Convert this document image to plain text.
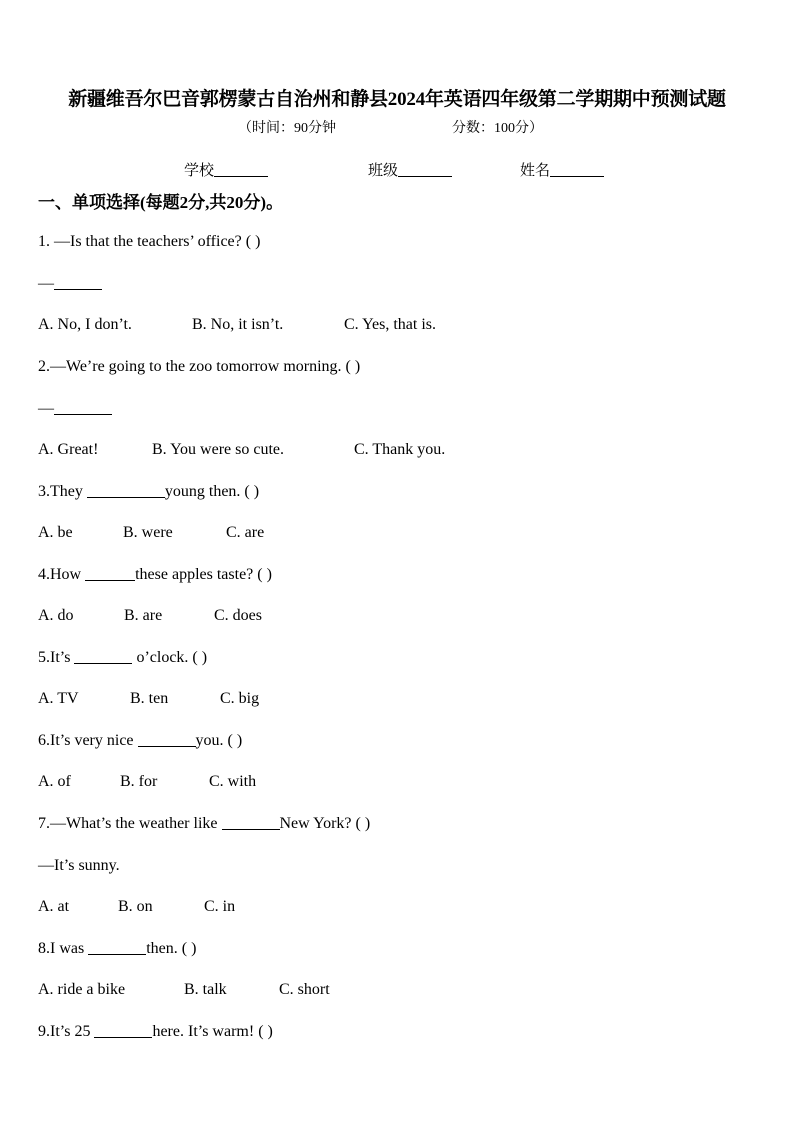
新疆维吾尔巴音郭楞蒙古自治州和静县2024年英语四年级第二学期期中预测试题
（时间：90分钟	分数：100分）
学校	班级	姓名
一、单项选择(每题2分,共20分)。
1. —Is that the teachers’ office? ( )
—
A. No, I don’t.	B. No, it isn’t.	C. Yes, that is.
2.—We’re going to the zoo tomorrow morning. ( )
—
A. Great!	B. You were so cute.	C. Thank you.
3.They	young then. ( )
A. be	B. were	C. are
4.How	these apples taste? ( )
A. do	B. are	C. does
5.It’s	o’clock. ( )
A. TV	B. ten	C. big
6.It’s very nice	you. ( )
A. of	B. for	C. with
7.—What’s the weather like	New York? ( )
—It’s sunny.
A. at	B. on	C. in
8.I was	then. ( )
A. ride a bike	B. talk	C. short
9.It’s 25	here. It’s warm! ( )
